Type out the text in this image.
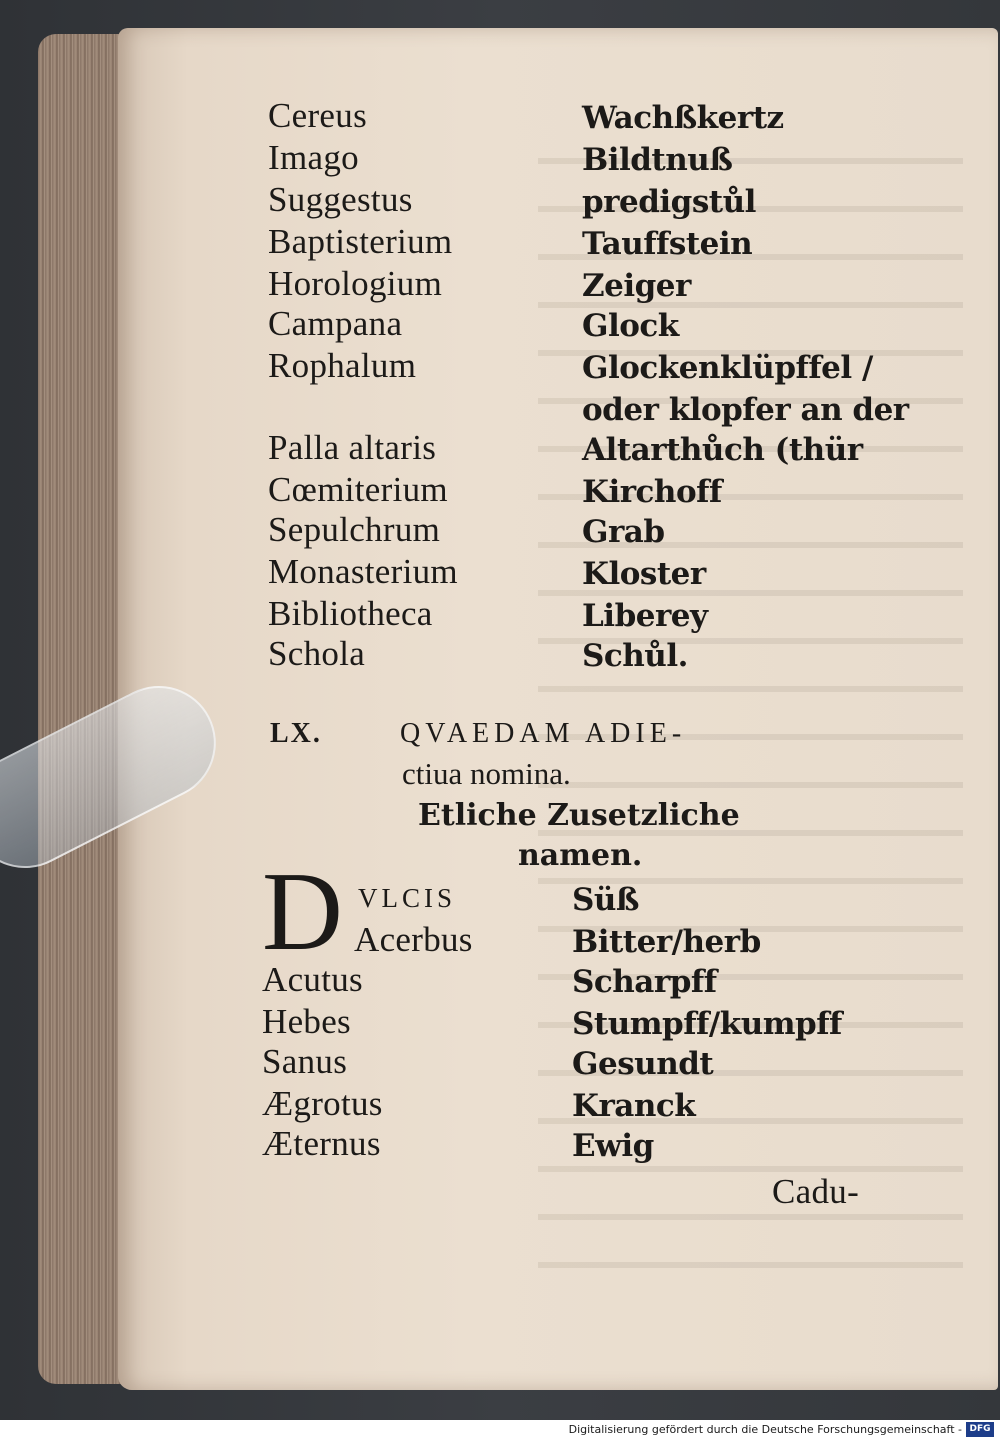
Cereus	Wachßkertz
Imago	Bildtnuß
Suggestus	predigstůl
Baptisterium	Tauffstein
Horologium	Zeiger
Campana	Glock
Rophalum	Glockenklüpffel /
oder klopfer an der
Palla altaris	Altarthůch (thür
Cœmiterium	Kirchoff
Sepulchrum	Grab
Monasterium	Kloster
Bibliotheca	Liberey
Schola	Schůl.
LX.	QVAEDAM ADIE-
ctiua nomina.
Etliche Zusetzliche
namen.
D VLCIS	Süß
Acerbus	Bitter/herb
Acutus	Scharpff
Hebes	Stumpff/kumpff
Sanus	Gesundt
Ægrotus	Kranck
Æternus	Ewig
Cadu-
Digitalisierung gefördert durch die Deutsche Forschungsgemeinschaft - DFG
